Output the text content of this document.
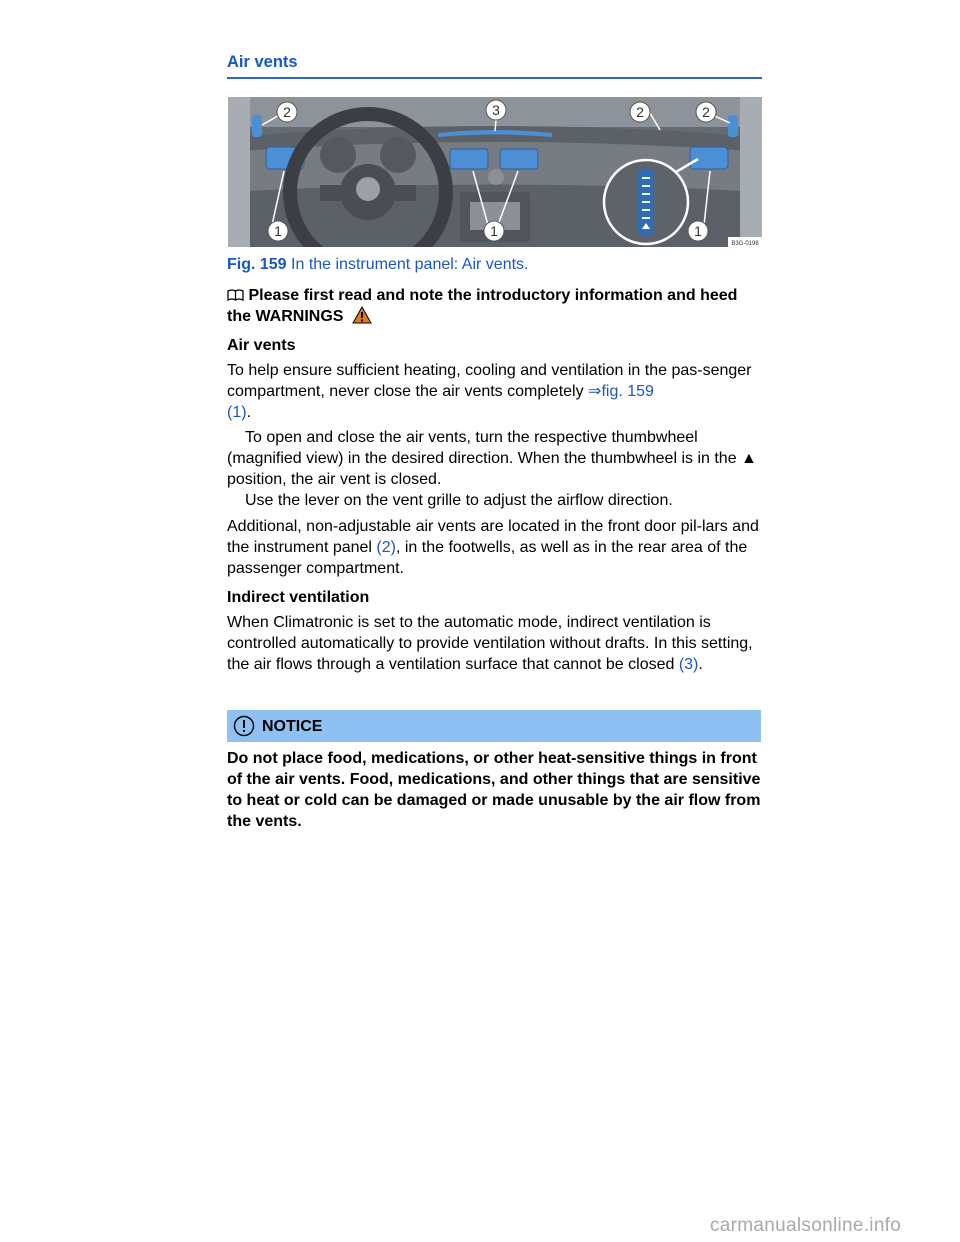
Air vents
2	3	2	2
1	1	1
B3G-0198
Fig. 159 In the instrument panel: Air vents.
Please first read and note the introductory information and heed the WARNINGS
Air vents
To help ensure sufficient heating, cooling and ventilation in the pas-senger compartment, never close the air vents completely ⇒fig. 159
(1).
To open and close the air vents, turn the respective thumbwheel (magnified view) in the desired direction. When the thumbwheel is in the ▲ position, the air vent is closed.
Use the lever on the vent grille to adjust the airflow direction.
Additional, non-adjustable air vents are located in the front door pil-lars and the instrument panel (2), in the footwells, as well as in the rear area of the passenger compartment.
Indirect ventilation
When Climatronic is set to the automatic mode, indirect ventilation is controlled automatically to provide ventilation without drafts. In this setting, the air flows through a ventilation surface that cannot be closed (3).
NOTICE
Do not place food, medications, or other heat-sensitive things in front of the air vents. Food, medications, and other things that are sensitive to heat or cold can be damaged or made unusable by the air flow from the vents.
carmanualsonline.info
